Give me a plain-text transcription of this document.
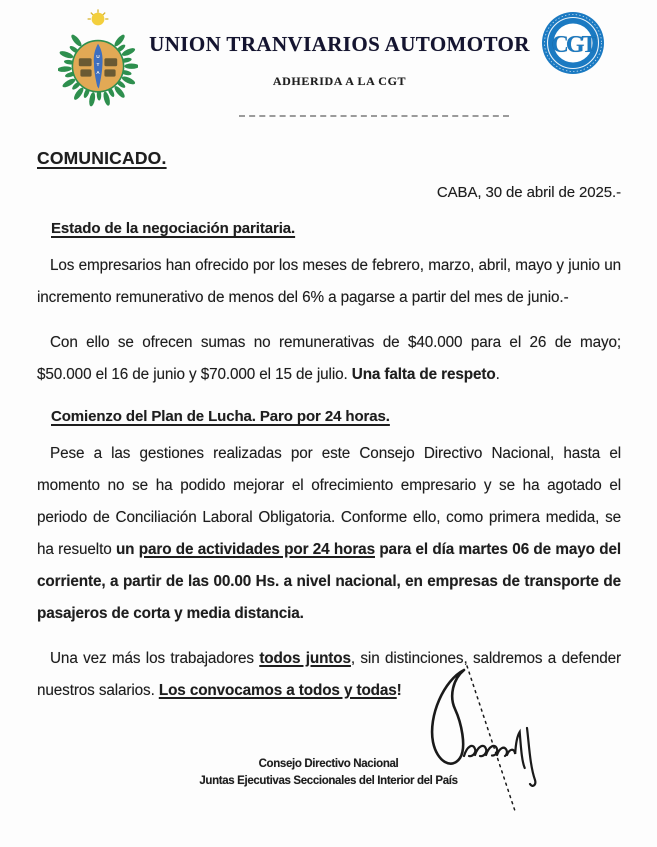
U
T
A
UNION TRANVIARIOS AUTOMOTOR
ADHERIDA A LA CGT
CGT
COMUNICADO.
CABA, 30 de abril de 2025.-
Estado de la negociación paritaria.

Los empresarios han ofrecido por los meses de febrero, marzo, abril, mayo y junio un incremento remunerativo de menos del 6% a pagarse a partir del mes de junio.-

Con ello se ofrecen sumas no remunerativas de $40.000 para el 26 de mayo; $50.000 el 16 de junio y $70.000 el 15 de julio. Una falta de respeto.

Comienzo del Plan de Lucha. Paro por 24 horas.

Pese a las gestiones realizadas por este Consejo Directivo Nacional, hasta el momento no se ha podido mejorar el ofrecimiento empresario y se ha agotado el periodo de Conciliación Laboral Obligatoria. Conforme ello, como primera medida, se ha resuelto un paro de actividades por 24 horas para el día martes 06 de mayo del corriente, a partir de las 00.00 Hs. a nivel nacional, en empresas de transporte de pasajeros de corta y media distancia.

Una vez más los trabajadores todos juntos, sin distinciones, saldremos a defender nuestros salarios. Los convocamos a todos y todas!

Consejo Directivo Nacional
Juntas Ejecutivas Seccionales del Interior del País
